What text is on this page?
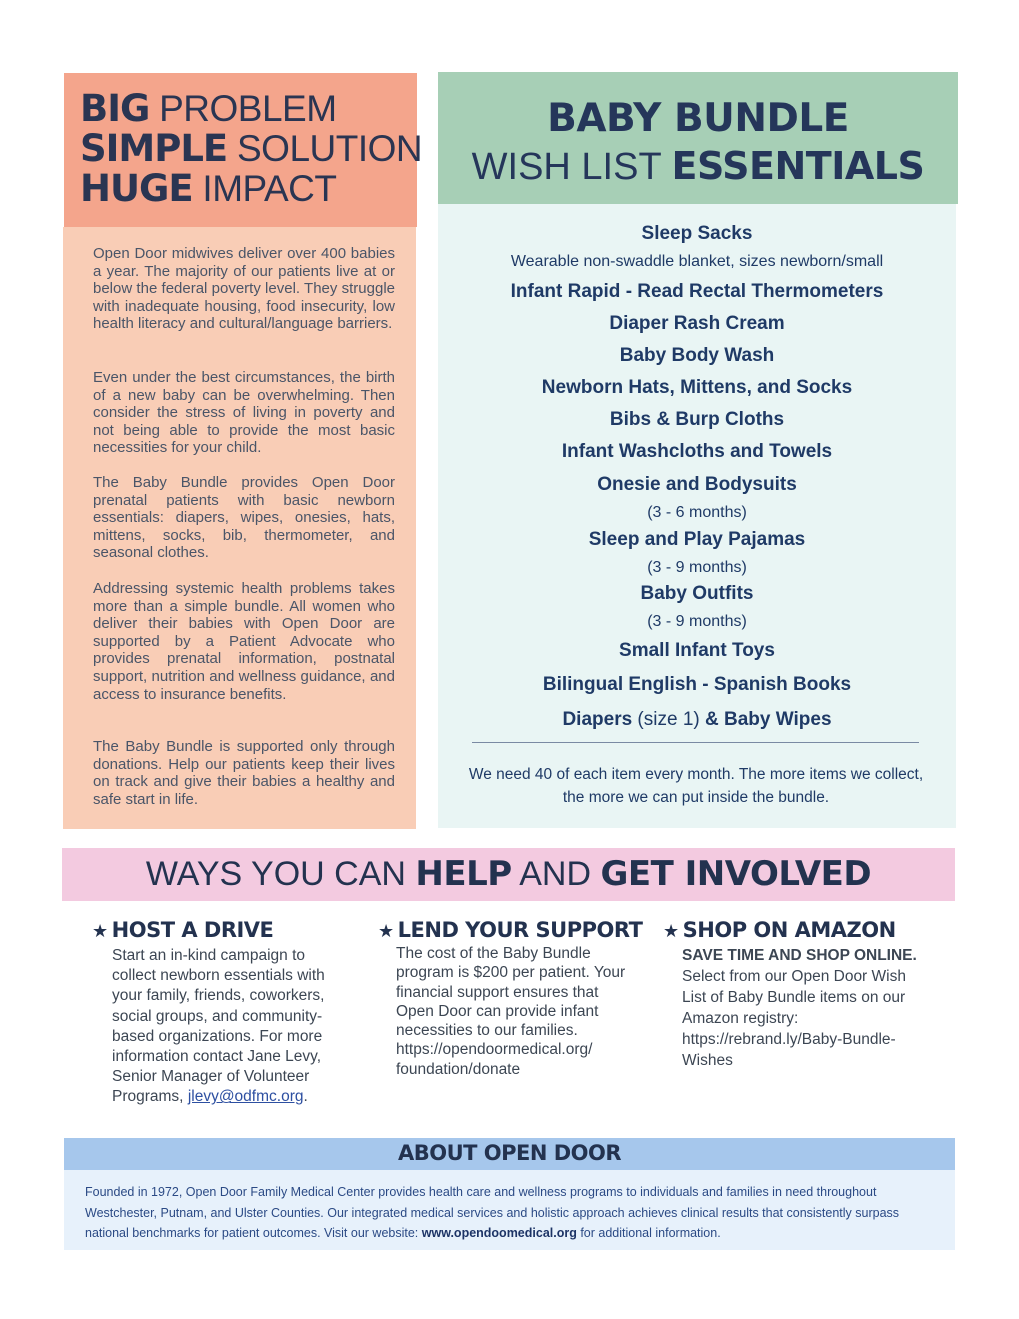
BIG PROBLEM
SIMPLE SOLUTION
HUGE IMPACT

Open Door midwives deliver over 400 babies a year. The majority of our patients live at or below the federal poverty level. They struggle with inadequate housing, food insecurity, low health literacy and cultural/language barriers.

Even under the best circumstances, the birth of a new baby can be overwhelming. Then consider the stress of living in poverty and not being able to provide the most basic necessities for your child.

The Baby Bundle provides Open Door prenatal patients with basic newborn essentials: diapers, wipes, onesies, hats, mittens, socks, bib, thermometer, and seasonal clothes.

Addressing systemic health problems takes more than a simple bundle. All women who deliver their babies with Open Door are supported by a Patient Advocate who provides prenatal information, postnatal support, nutrition and wellness guidance, and access to insurance benefits.

The Baby Bundle is supported only through donations. Help our patients keep their lives on track and give their babies a healthy and safe start in life.

BABY BUNDLE
WISH LIST ESSENTIALS
Sleep Sacks
Wearable non-swaddle blanket, sizes newborn/small
Infant Rapid - Read Rectal Thermometers
Diaper Rash Cream
Baby Body Wash
Newborn Hats, Mittens, and Socks
Bibs & Burp Cloths
Infant Washcloths and Towels
Onesie and Bodysuits
(3 - 6 months)
Sleep and Play Pajamas
(3 - 9 months)
Baby Outfits
(3 - 9 months)
Small Infant Toys
Bilingual English - Spanish Books
Diapers (size 1) & Baby Wipes
We need 40 of each item every month. The more items we collect, the more we can put inside the bundle.
WAYS YOU CAN HELP AND GET INVOLVED
★ HOST A DRIVE
Start an in-kind campaign to collect newborn essentials with your family, friends, coworkers, social groups, and community-based organizations. For more information contact Jane Levy, Senior Manager of Volunteer Programs, jlevy@odfmc.org.
★ LEND YOUR SUPPORT
The cost of the Baby Bundle program is $200 per patient. Your financial support ensures that Open Door can provide infant necessities to our families.
https://opendoormedical.org/
foundation/donate
★ SHOP ON AMAZON
SAVE TIME AND SHOP ONLINE.
Select from our Open Door Wish List of Baby Bundle items on our Amazon registry: https://rebrand.ly/Baby-Bundle-Wishes
ABOUT OPEN DOOR
Founded in 1972, Open Door Family Medical Center provides health care and wellness programs to individuals and families in need throughout Westchester, Putnam, and Ulster Counties. Our integrated medical services and holistic approach achieves clinical results that consistently surpass national benchmarks for patient outcomes. Visit our website: www.opendoomedical.org for additional information.
